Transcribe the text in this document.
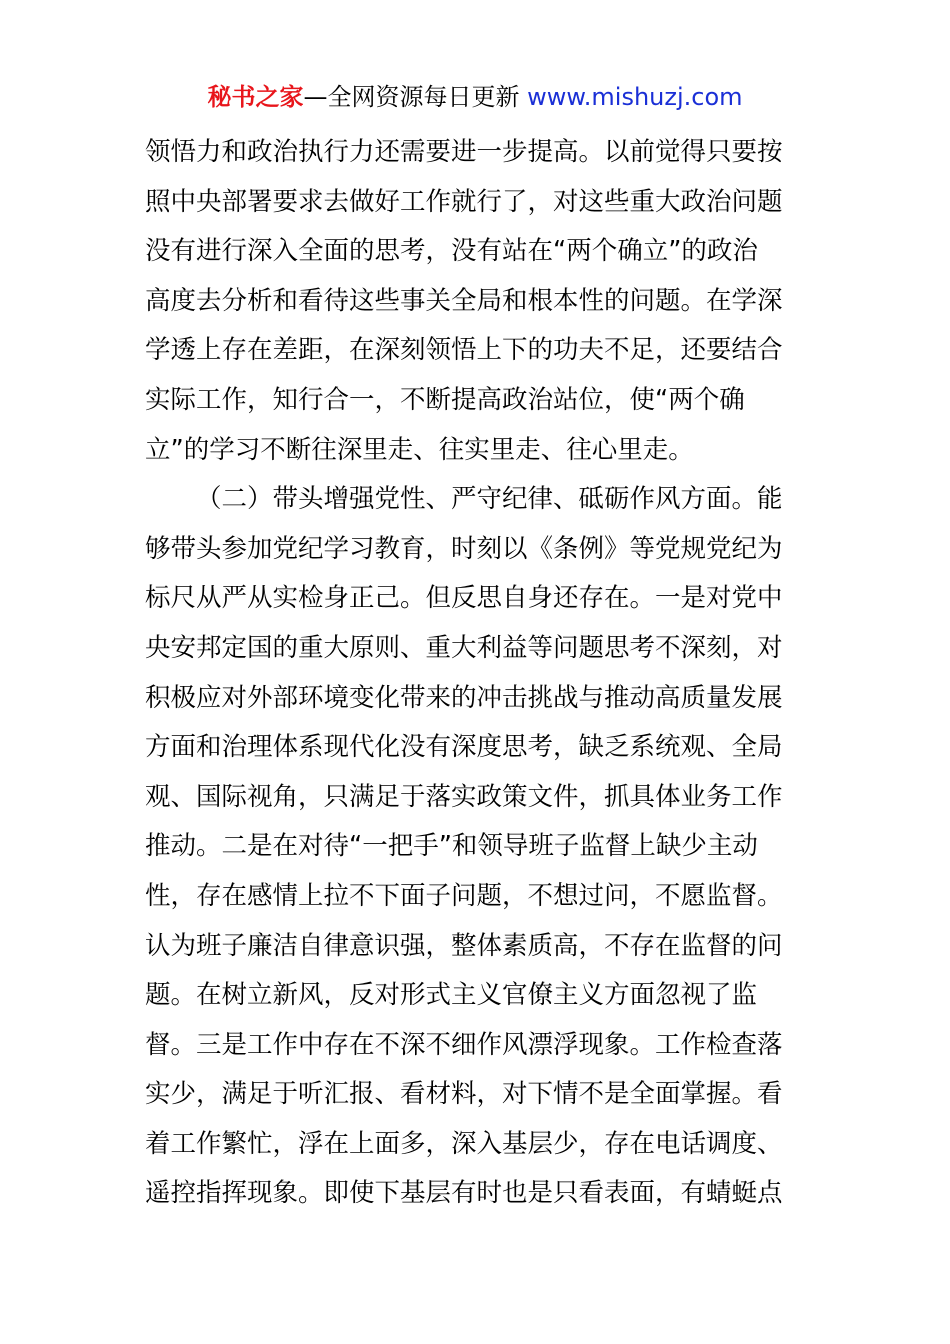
秘书之家—全网资源每日更新 www.mishuzj.com
领悟力和政治执行力还需要进一步提高。以前觉得只要按
照中央部署要求去做好工作就行了，对这些重大政治问题
没有进行深入全面的思考，没有站在“两个确立”的政治
高度去分析和看待这些事关全局和根本性的问题。在学深
学透上存在差距，在深刻领悟上下的功夫不足，还要结合
实际工作，知行合一，不断提高政治站位，使“两个确
立”的学习不断往深里走、往实里走、往心里走。
（二）带头增强党性、严守纪律、砥砺作风方面。能
够带头参加党纪学习教育，时刻以《条例》等党规党纪为
标尺从严从实检身正己。但反思自身还存在。一是对党中
央安邦定国的重大原则、重大利益等问题思考不深刻，对
积极应对外部环境变化带来的冲击挑战与推动高质量发展
方面和治理体系现代化没有深度思考，缺乏系统观、全局
观、国际视角，只满足于落实政策文件，抓具体业务工作
推动。二是在对待“一把手”和领导班子监督上缺少主动
性，存在感情上拉不下面子问题，不想过问，不愿监督。
认为班子廉洁自律意识强，整体素质高，不存在监督的问
题。在树立新风，反对形式主义官僚主义方面忽视了监
督。三是工作中存在不深不细作风漂浮现象。工作检查落
实少，满足于听汇报、看材料，对下情不是全面掌握。看
着工作繁忙，浮在上面多，深入基层少，存在电话调度、
遥控指挥现象。即使下基层有时也是只看表面，有蜻蜓点
